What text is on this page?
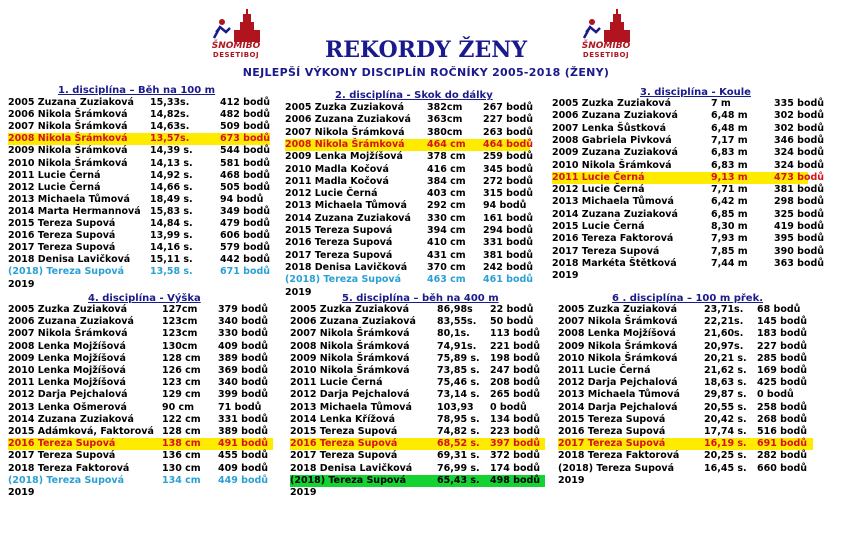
ŠNOMÍBO
DESETIBOJ
ŠNOMÍBO
DESETIBOJ
REKORDY ŽENY
NEJLEPŠÍ VÝKONY DISCIPLÍN ROČNÍKY 2005-2018 (ŽENY)
1. disciplína – Běh na 100 m
2005 Zuzana Zuziaková 15,33s.	412 bodů
2006 Nikola Šrámková 14,82s.	482 bodů
2007 Nikola Šrámková 14,63s.	509 bodů
2008 Nikola Šrámková 13,57s.	673 bodů
2009 Nikola Šrámková 14,39 s.	544 bodů
2010 Nikola Šrámková 14,13 s.	581 bodů
2011 Lucie Černá	14,92 s.	468 bodů
2012 Lucie Černá	14,66 s.	505 bodů
2013 Michaela Tůmová 18,49 s.	94 bodů
2014 Marta Hermannová 15,83 s.	349 bodů
2015 Tereza Supová	14,84 s.	479 bodů
2016 Tereza Supová	13,99 s.	606 bodů
2017 Tereza Supová	14,16 s.	579 bodů
2018 Denisa Lavičková 15,11 s.	442 bodů
(2018) Tereza Supová	13,58 s.	671 bodů
2019
2. disciplína - Skok do dálky
2005 Zuzka Zuziaková 382cm 267 bodů
2006 Zuzana Zuziaková 363cm 227 bodů
2007 Nikola Šrámková 380cm 263 bodů
2008 Nikola Šrámková 464 cm 464 bodů
2009 Lenka Mojžíšová	378 cm 259 bodů
2010 Madla Kočová	416 cm 345 bodů
2011 Madla Kočová	384 cm 272 bodů
2012 Lucie Černá	403 cm 315 bodů
2013 Michaela Tůmová 292 cm 94 bodů
2014 Zuzana Zuziaková 330 cm 161 bodů
2015 Tereza Supová	394 cm 294 bodů
2016 Tereza Supová	410 cm 331 bodů
2017 Tereza Supová	431 cm 381 bodů
2018 Denisa Lavičková 370 cm 242 bodů
(2018) Tereza Supová	463 cm 461 bodů
2019
3. disciplína - Koule
2005 Zuzka Zuziaková	7 m	335 bodů
2006 Zuzana Zuziaková	6,48 m	302 bodů
2007 Lenka Šůstková	6,48 m	302 bodů
2008 Gabriela Pivková	7,17 m	346 bodů
2009 Zuzana Zuziaková	6,83 m	324 bodů
2010 Nikola Šrámková	6,83 m	324 bodů
2011 Lucie Černá	9,13 m	473 bodů
2012 Lucie Černá	7,71 m	381 bodů
2013 Michaela Tůmová	6,42 m	298 bodů
2014 Zuzana Zuziaková	6,85 m	325 bodů
2015 Lucie Černá	8,30 m	419 bodů
2016 Tereza Faktorová	7,93 m	395 bodů
2017 Tereza Supová	7,85 m	390 bodů
2018 Markéta Štětková	7,44 m	363 bodů
2019
4. disciplína - Výška
2005 Zuzka Zuziaková	127cm 379 bodů
2006 Zuzana Zuziaková	123cm 340 bodů
2007 Nikola Šrámková	123cm 330 bodů
2008 Lenka Mojžíšová	130cm 409 bodů
2009 Lenka Mojžíšová	128 cm 389 bodů
2010 Lenka Mojžíšová	126 cm 369 bodů
2011 Lenka Mojžíšová	123 cm 340 bodů
2012 Darja Pejchalová	129 cm 399 bodů
2013 Lenka Ošmerová	90 cm	71 bodů
2014 Zuzana Zuziaková	122 cm 331 bodů
2015 Adámková, Faktorová 128 cm 389 bodů
2016 Tereza Supová	138 cm 491 bodů
2017 Tereza Supová	136 cm 455 bodů
2018 Tereza Faktorová	130 cm 409 bodů
(2018) Tereza Supová	134 cm 449 bodů
2019
5. disciplína – běh na 400 m
2005 Zuzka Zuziaková	86,98s 22 bodů
2006 Zuzana Zuziaková 83,55s. 50 bodů
2007 Nikola Šrámková	80,1s. 113 bodů
2008 Nikola Šrámková	74,91s. 221 bodů
2009 Nikola Šrámková	75,89 s. 198 bodů
2010 Nikola Šrámková	73,85 s. 247 bodů
2011 Lucie Černá	75,46 s. 208 bodů
2012 Darja Pejchalová	73,14 s. 265 bodů
2013 Michaela Tůmová	103,93 0 bodů
2014 Lenka Křížová	78,95 s. 134 bodů
2015 Tereza Supová	74,82 s. 223 bodů
2016 Tereza Supová	68,52 s. 397 bodů
2017 Tereza Supová	69,31 s. 372 bodů
2018 Denisa Lavičková	76,99 s. 174 bodů
(2018) Tereza Supová	65,43 s. 498 bodů
2019
6 . disciplína – 100 m přek.
2005 Zuzka Zuziaková	23,71s. 68 bodů
2007 Nikola Šrámková	22,21s. 145 bodů
2008 Lenka Mojžíšová	21,60s. 183 bodů
2009 Nikola Šrámková	20,97s. 227 bodů
2010 Nikola Šrámková	20,21 s. 285 bodů
2011 Lucie Černá	21,62 s. 169 bodů
2012 Darja Pejchalová	18,63 s. 425 bodů
2013 Michaela Tůmová	29,87 s. 0 bodů
2014 Darja Pejchalová	20,55 s. 258 bodů
2015 Tereza Supová	20,42 s. 268 bodů
2016 Tereza Supová	17,74 s. 516 bodů
2017 Tereza Supová	16,19 s. 691 bodů
2018 Tereza Faktorová	20,25 s. 282 bodů
(2018) Tereza Supová	16,45 s. 660 bodů
2019
